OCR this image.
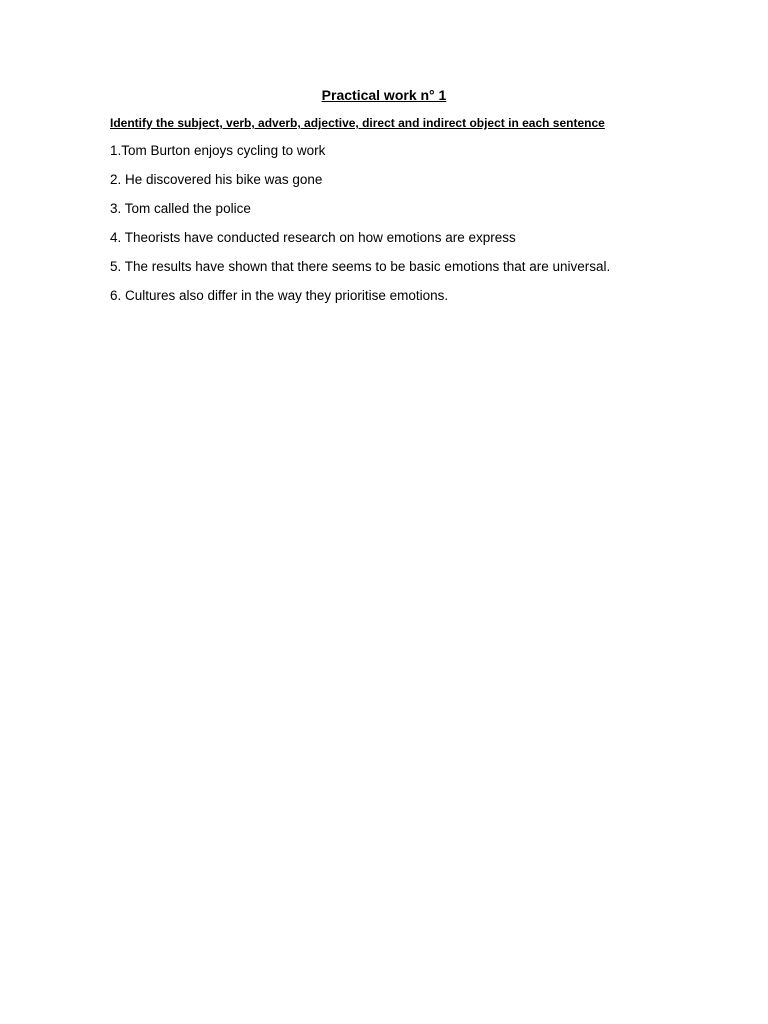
Practical work n° 1
Identify the subject, verb, adverb, adjective, direct and indirect object in each sentence
1.Tom Burton enjoys cycling to work
2. He discovered his bike was gone
3. Tom called the police
4. Theorists have conducted research on how emotions are express
5. The results have shown that there seems to be basic emotions that are universal.
6. Cultures also differ in the way they prioritise emotions.
